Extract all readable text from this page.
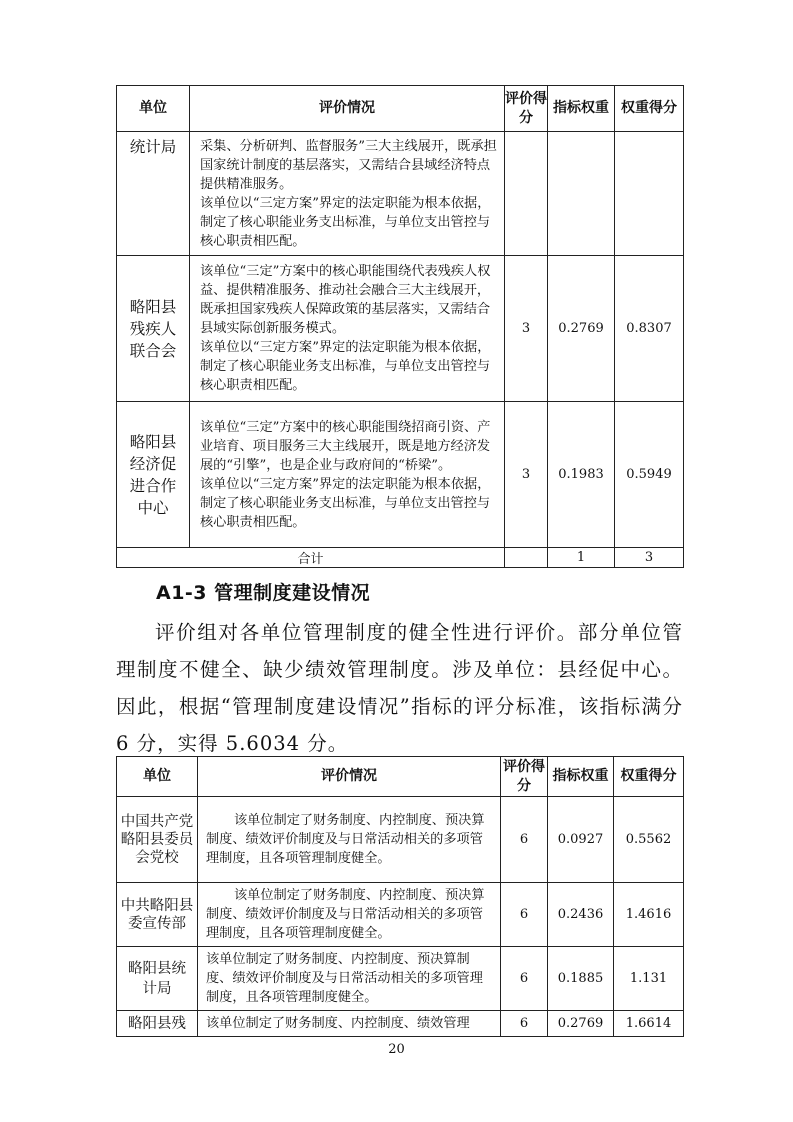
单位	评价情况	评价得分	指标权重	权重得分
统计局	采集、分析研判、监督服务”三大主线展开，既承担国家统计制度的基层落实，又需结合县域经济特点提供精准服务。

该单位以“三定方案”界定的法定职能为根本依据，制定了核心职能业务支出标准，与单位支出管控与核心职责相匹配。			

略阳县残疾人联合会	该单位“三定”方案中的核心职能围绕代表残疾人权益、提供精准服务、推动社会融合三大主线展开，既承担国家残疾人保障政策的基层落实，又需结合县域实际创新服务模式。

该单位以“三定方案”界定的法定职能为根本依据，制定了核心职能业务支出标准，与单位支出管控与核心职责相匹配。	3	0.2769	0.8307
略阳县经济促进合作中心	该单位“三定”方案中的核心职能围绕招商引资、产业培育、项目服务三大主线展开，既是地方经济发展的“引擎”，也是企业与政府间的“桥梁”。

该单位以“三定方案”界定的法定职能为根本依据，制定了核心职能业务支出标准，与单位支出管控与核心职责相匹配。	3	0.1983	0.5949
合计			1	3
A1-3 管理制度建设情况

评价组对各单位管理制度的健全性进行评价。部分单位管理制度不健全、缺少绩效管理制度。涉及单位：县经促中心。因此，根据“管理制度建设情况”指标的评分标准，该指标满分 6 分，实得 5.6034 分。

单位	评价情况	评价得分	指标权重	权重得分
中国共产党略阳县委员会党校	该单位制定了财务制度、内控制度、预决算制度、绩效评价制度及与日常活动相关的多项管理制度，且各项管理制度健全。	6	0.0927	0.5562
中共略阳县委宣传部	该单位制定了财务制度、内控制度、预决算制度、绩效评价制度及与日常活动相关的多项管理制度，且各项管理制度健全。	6	0.2436	1.4616
略阳县统计局	该单位制定了财务制度、内控制度、预决算制度、绩效评价制度及与日常活动相关的多项管理制度，且各项管理制度健全。	6	0.1885	1.131
略阳县残	该单位制定了财务制度、内控制度、绩效管理	6	0.2769	1.6614
20
